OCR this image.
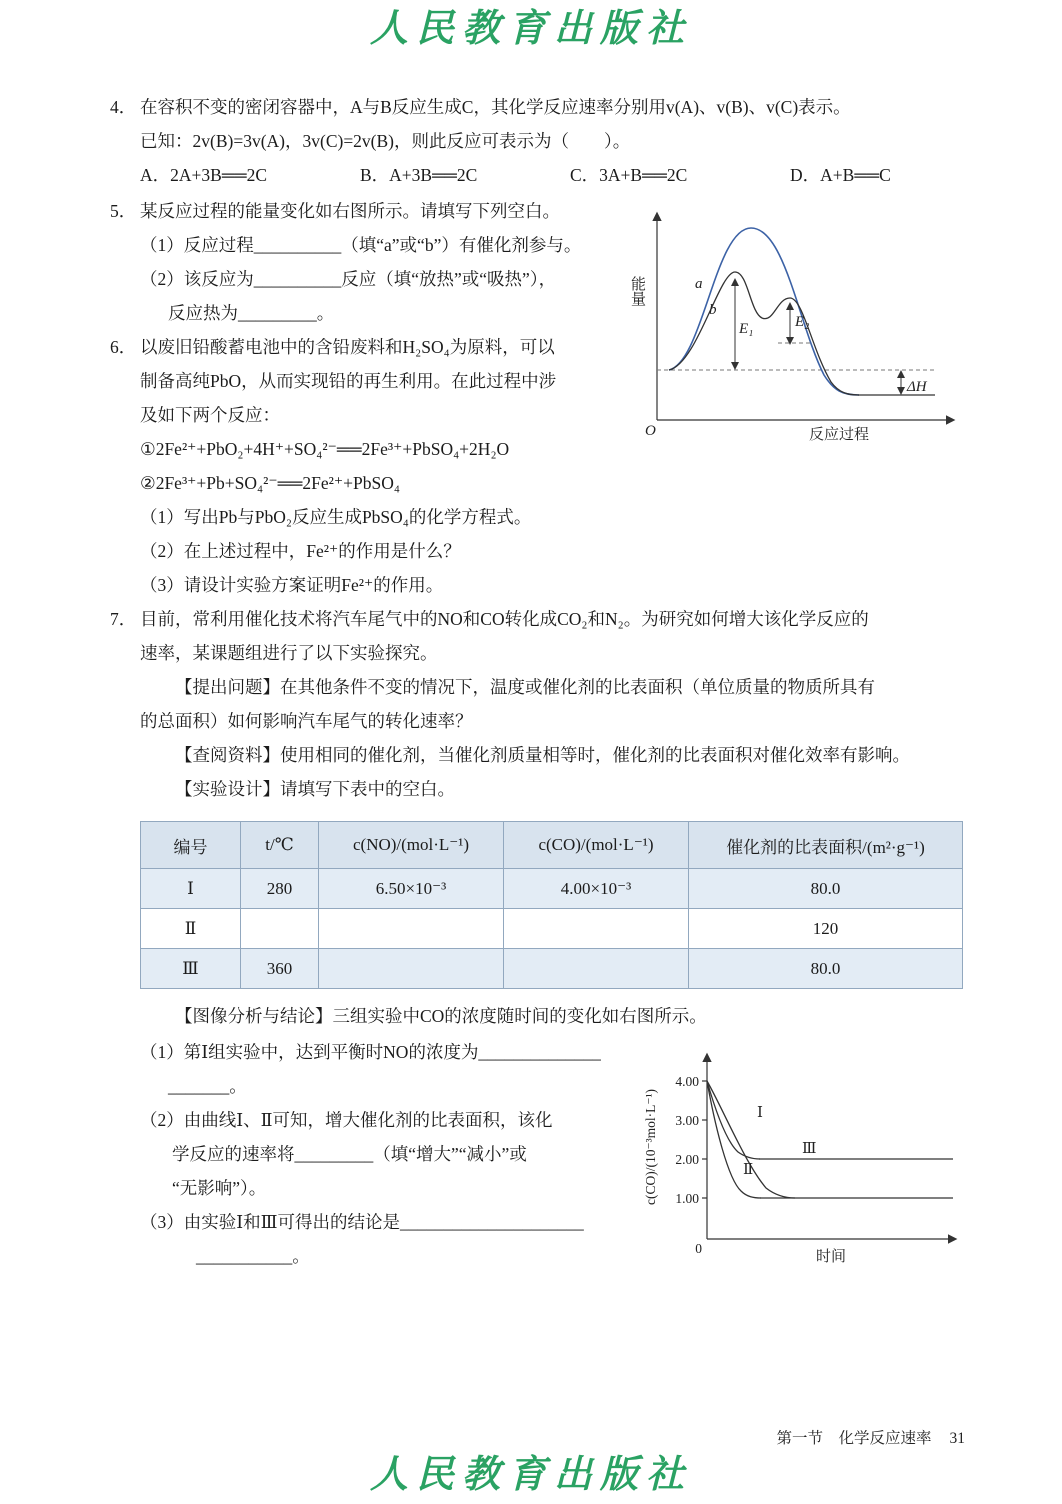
人民教育出版社
4． 在容积不变的密闭容器中，A与B反应生成C，其化学反应速率分别用v(A)、v(B)、v(C)表示。
已知：2v(B)=3v(A)，3v(C)=2v(B)，则此反应可表示为（　　）。
A．2A+3B══2C	B．A+3B══2C	C．3A+B══2C	D．A+B══C
a
b
E₁	E₂
ΔH
O
能量
反应过程
5． 某反应过程的能量变化如右图所示。请填写下列空白。
（1）反应过程__________（填“a”或“b”）有催化剂参与。
（2）该反应为__________反应（填“放热”或“吸热”），
反应热为_________。
6． 以废旧铅酸蓄电池中的含铅废料和H₂SO₄为原料，可以
制备高纯PbO，从而实现铅的再生利用。在此过程中涉
及如下两个反应：
①2Fe²⁺+PbO₂+4H⁺+SO₄²⁻══2Fe³⁺+PbSO₄+2H₂O
②2Fe³⁺+Pb+SO₄²⁻══2Fe²⁺+PbSO₄
（1）写出Pb与PbO₂反应生成PbSO₄的化学方程式。
（2）在上述过程中，Fe²⁺的作用是什么？
（3）请设计实验方案证明Fe²⁺的作用。
7． 目前，常利用催化技术将汽车尾气中的NO和CO转化成CO₂和N₂。为研究如何增大该化学反应的
速率，某课题组进行了以下实验探究。
【提出问题】在其他条件不变的情况下，温度或催化剂的比表面积（单位质量的物质所具有
的总面积）如何影响汽车尾气的转化速率？
【查阅资料】使用相同的催化剂，当催化剂质量相等时，催化剂的比表面积对催化效率有影响。
【实验设计】请填写下表中的空白。
编号	t/℃	c(NO)/(mol·L⁻¹)	c(CO)/(mol·L⁻¹)	催化剂的比表面积/(m²·g⁻¹)
Ⅰ	280	6.50×10⁻³	4.00×10⁻³	80.0
Ⅱ				120
Ⅲ	360			80.0
【图像分析与结论】三组实验中CO的浓度随时间的变化如右图所示。
4.00
3.00
2.00
1.00
0
Ⅰ
Ⅱ
Ⅲ
c(CO)/(10⁻³mol·L⁻¹)
时间
（1）第Ⅰ组实验中，达到平衡时NO的浓度为______________
_______。
（2）由曲线Ⅰ、Ⅱ可知，增大催化剂的比表面积，该化
学反应的速率将_________（填“增大”“减小”或
“无影响”）。
（3）由实验Ⅰ和Ⅲ可得出的结论是_____________________
___________。
第一节　化学反应速率 31
人民教育出版社
